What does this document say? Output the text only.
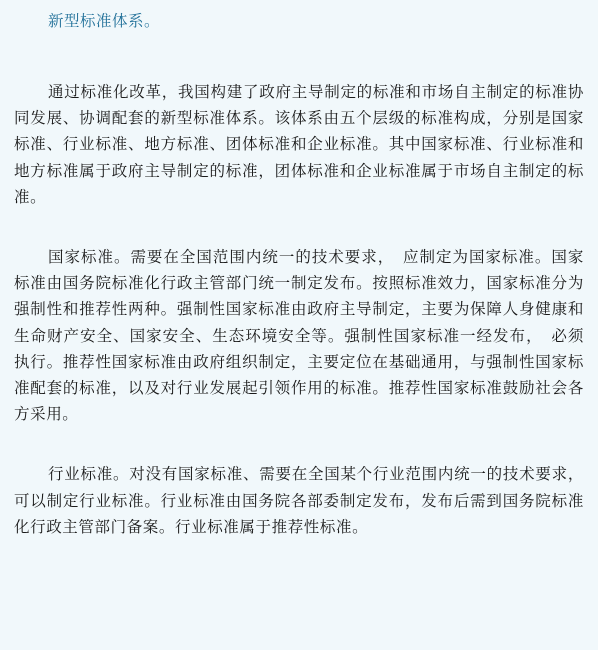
新型标准体系。

通过标准化改革，我国构建了政府主导制定的标准和市场自主制定的标准协同发展、协调配套的新型标准体系。该体系由五个层级的标准构成，分别是国家标准、行业标准、地方标准、团体标准和企业标准。其中国家标准、行业标准和地方标准属于政府主导制定的标准，团体标准和企业标准属于市场自主制定的标准。

国家标准。需要在全国范围内统一的技术要求，　应制定为国家标准。国家标准由国务院标准化行政主管部门统一制定发布。按照标准效力，国家标准分为强制性和推荐性两种。强制性国家标准由政府主导制定，主要为保障人身健康和生命财产安全、国家安全、生态环境安全等。强制性国家标准一经发布，　必须执行。推荐性国家标准由政府组织制定，主要定位在基础通用，与强制性国家标准配套的标准，以及对行业发展起引领作用的标准。推荐性国家标准鼓励社会各方采用。

行业标准。对没有国家标准、需要在全国某个行业范围内统一的技术要求，可以制定行业标准。行业标准由国务院各部委制定发布，发布后需到国务院标准化行政主管部门备案。行业标准属于推荐性标准。
